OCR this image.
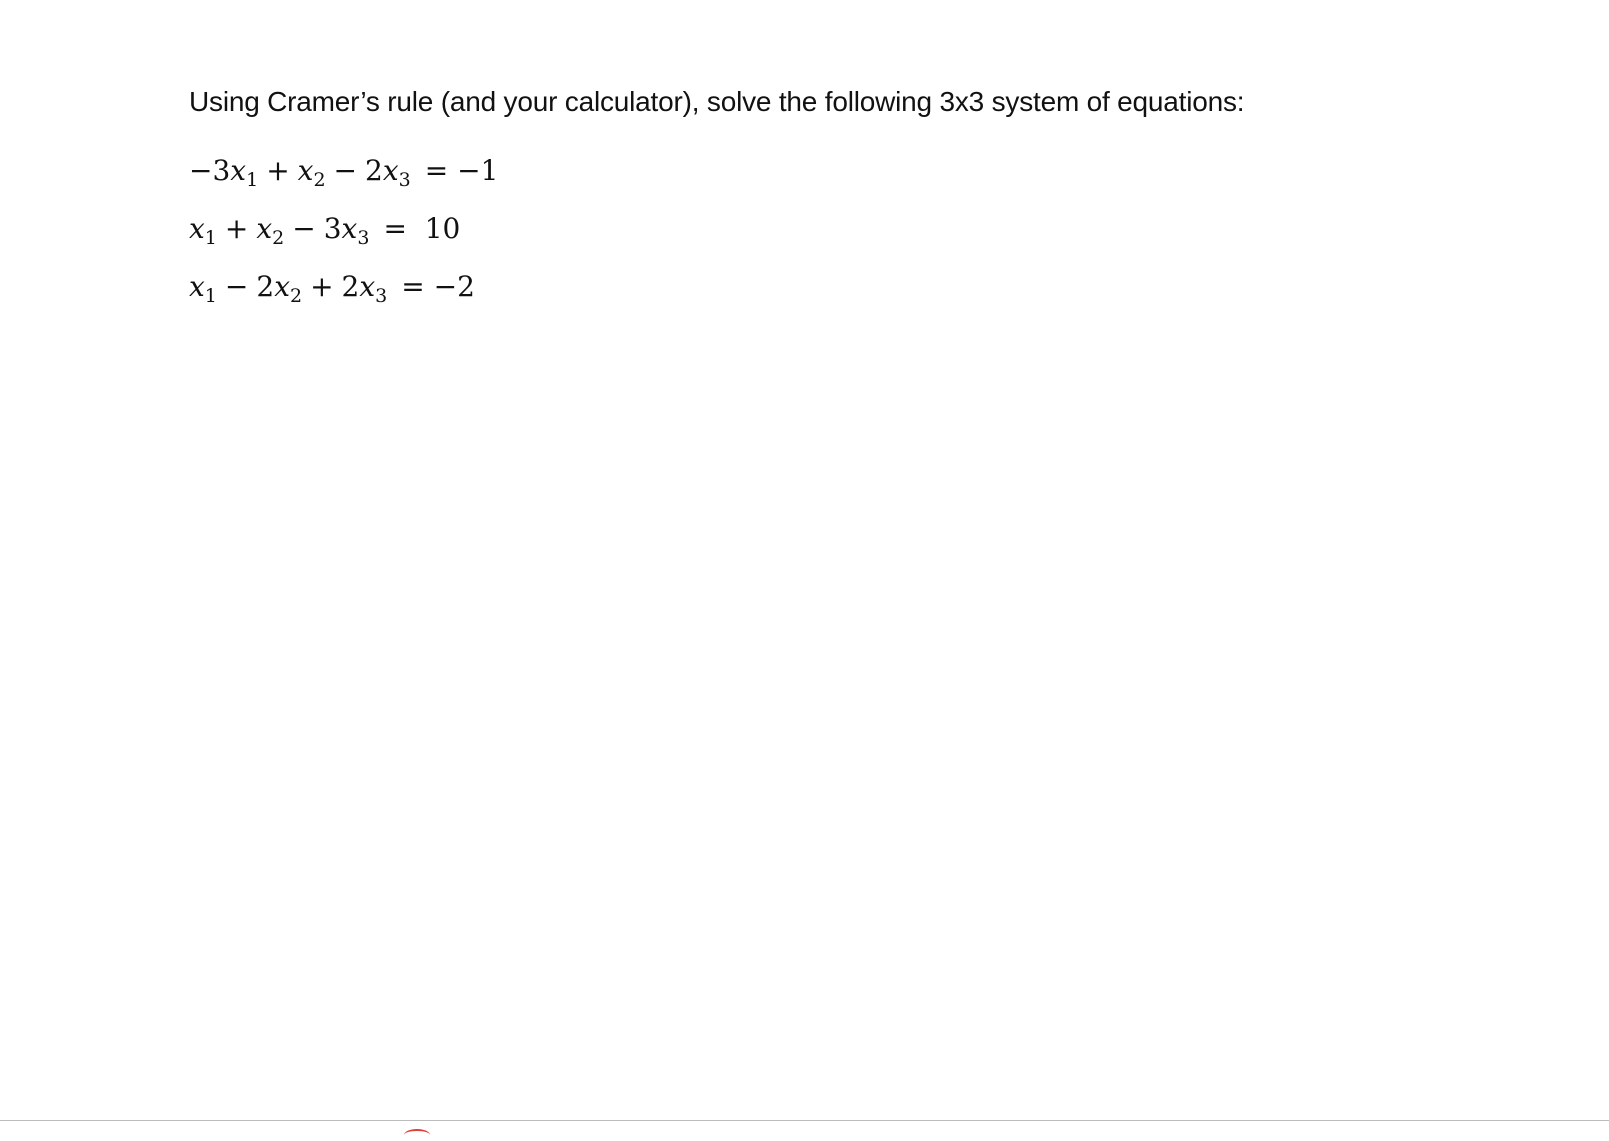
Using Cramer’s rule (and your calculator), solve the following 3x3 system of equations:
$-3x_1 + x_2 - 2x_3 = -1$
$x_1 + x_2 - 3x_3 = 10$
$x_1 - 2x_2 + 2x_3 = -2$
